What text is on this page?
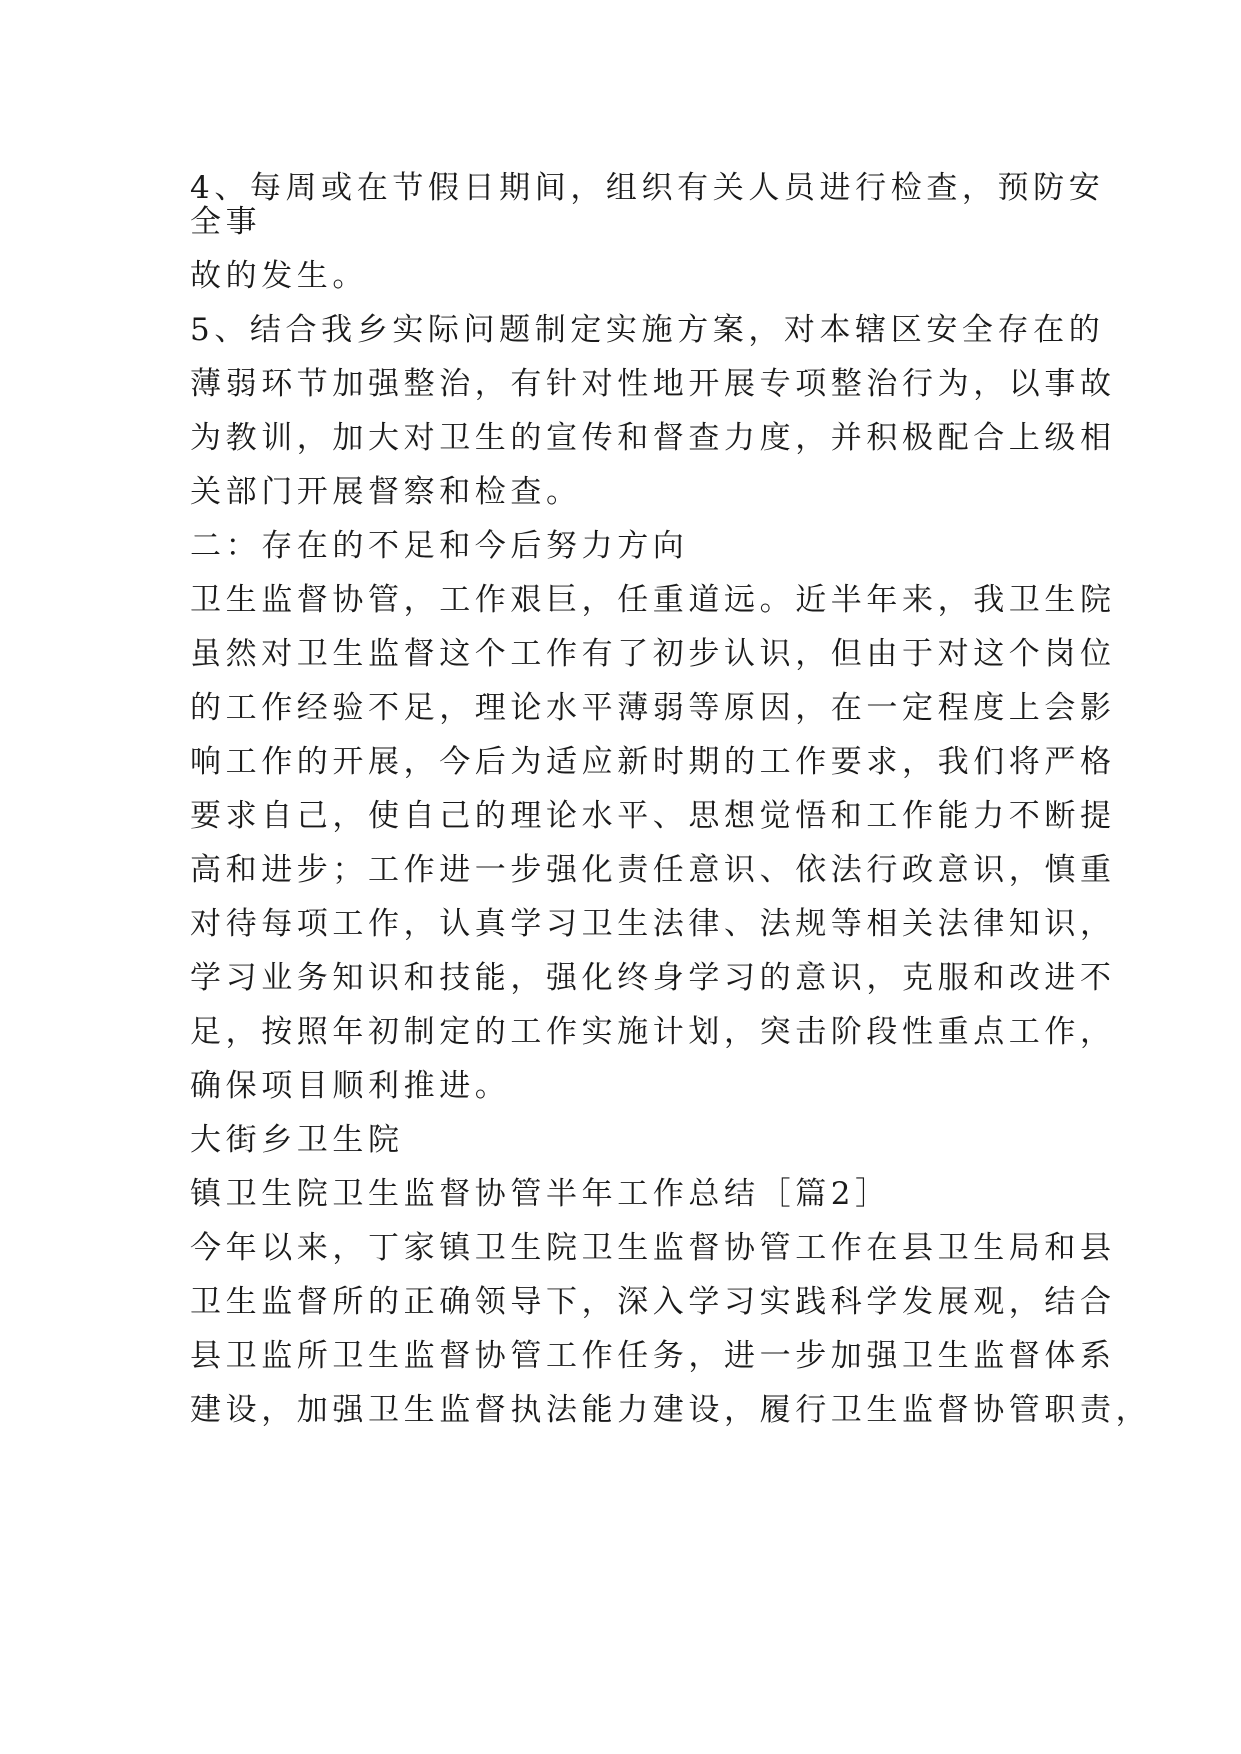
4、每周或在节假日期间，组织有关人员进行检查，预防安
全事
故的发生。
5、结合我乡实际问题制定实施方案，对本辖区安全存在的
薄弱环节加强整治，有针对性地开展专项整治行为，以事故
为教训，加大对卫生的宣传和督查力度，并积极配合上级相
关部门开展督察和检查。
二：存在的不足和今后努力方向
卫生监督协管，工作艰巨，任重道远。近半年来，我卫生院
虽然对卫生监督这个工作有了初步认识，但由于对这个岗位
的工作经验不足，理论水平薄弱等原因，在一定程度上会影
响工作的开展，今后为适应新时期的工作要求，我们将严格
要求自己，使自己的理论水平、思想觉悟和工作能力不断提
高和进步；工作进一步强化责任意识、依法行政意识，慎重
对待每项工作，认真学习卫生法律、法规等相关法律知识，
学习业务知识和技能，强化终身学习的意识，克服和改进不
足，按照年初制定的工作实施计划，突击阶段性重点工作，
确保项目顺利推进。
大街乡卫生院
镇卫生院卫生监督协管半年工作总结［篇2］
今年以来，丁家镇卫生院卫生监督协管工作在县卫生局和县
卫生监督所的正确领导下，深入学习实践科学发展观，结合
县卫监所卫生监督协管工作任务，进一步加强卫生监督体系
建设，加强卫生监督执法能力建设，履行卫生监督协管职责，
